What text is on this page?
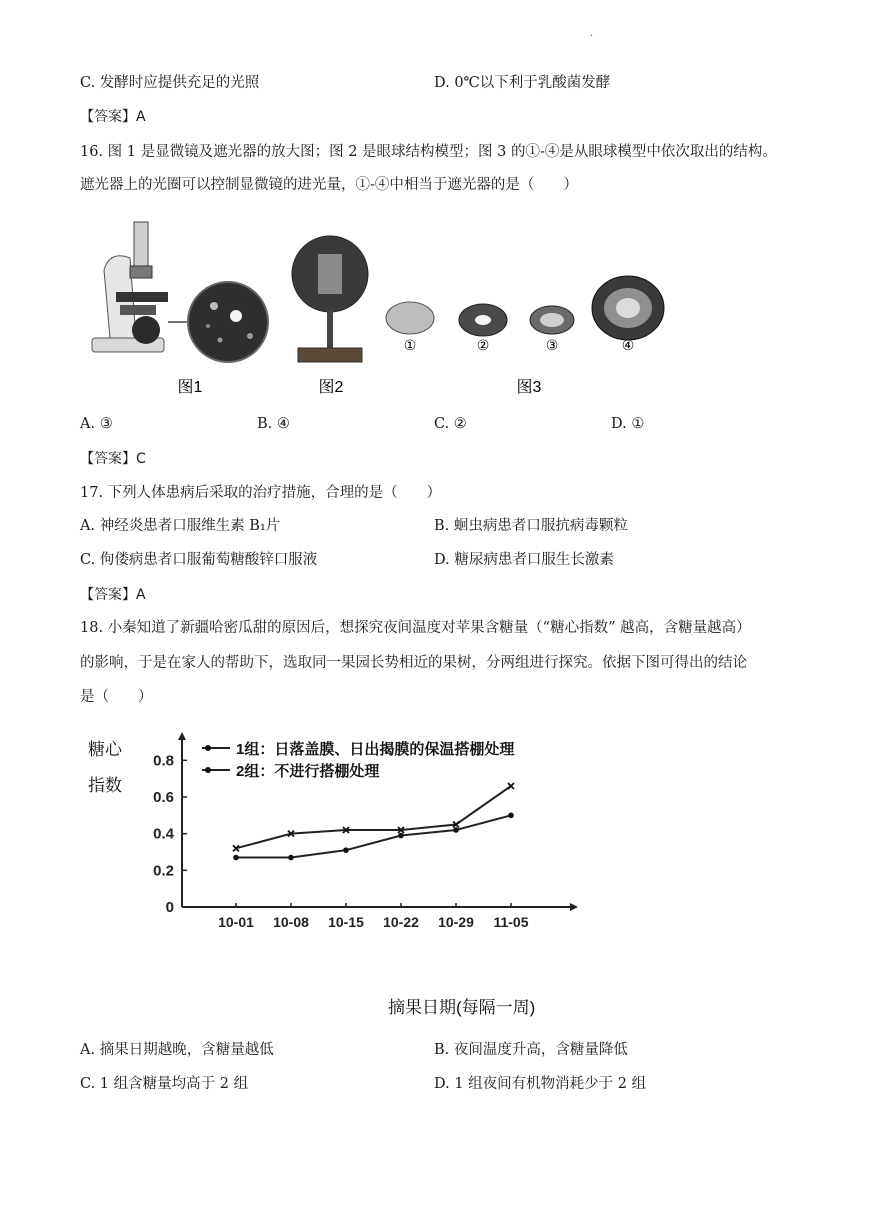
.
C. 发酵时应提供充足的光照	D. 0℃以下利于乳酸菌发酵
【答案】A
16. 图 1 是显微镜及遮光器的放大图；图 2 是眼球结构模型；图 3 的①-④是从眼球模型中依次取出的结构。
遮光器上的光圈可以控制显微镜的进光量，①-④中相当于遮光器的是（　　）
①	②	③	④
图1	图2	图3
A. ③	B. ④	C. ②	D. ①
【答案】C
17. 下列人体患病后采取的治疗措施，合理的是（　　）
A. 神经炎患者口服维生素 B₁片	B. 蛔虫病患者口服抗病毒颗粒
C. 佝偻病患者口服葡萄糖酸锌口服液	D. 糖尿病患者口服生长激素
【答案】A
18. 小秦知道了新疆哈密瓜甜的原因后，想探究夜间温度对苹果含糖量（“糖心指数” 越高，含糖量越高）
的影响，于是在家人的帮助下，选取同一果园长势相近的果树，分两组进行探究。依据下图可得出的结论
是（　　）
糖心
指数
0
0.2
0.4
0.6
0.8
10-01 10-08 10-15 10-22 10-29 11-05
1组：日落盖膜、日出揭膜的保温搭棚处理
2组：不进行搭棚处理
摘果日期(每隔一周)
A. 摘果日期越晚，含糖量越低	B. 夜间温度升高，含糖量降低
C. 1 组含糖量均高于 2 组	D. 1 组夜间有机物消耗少于 2 组
